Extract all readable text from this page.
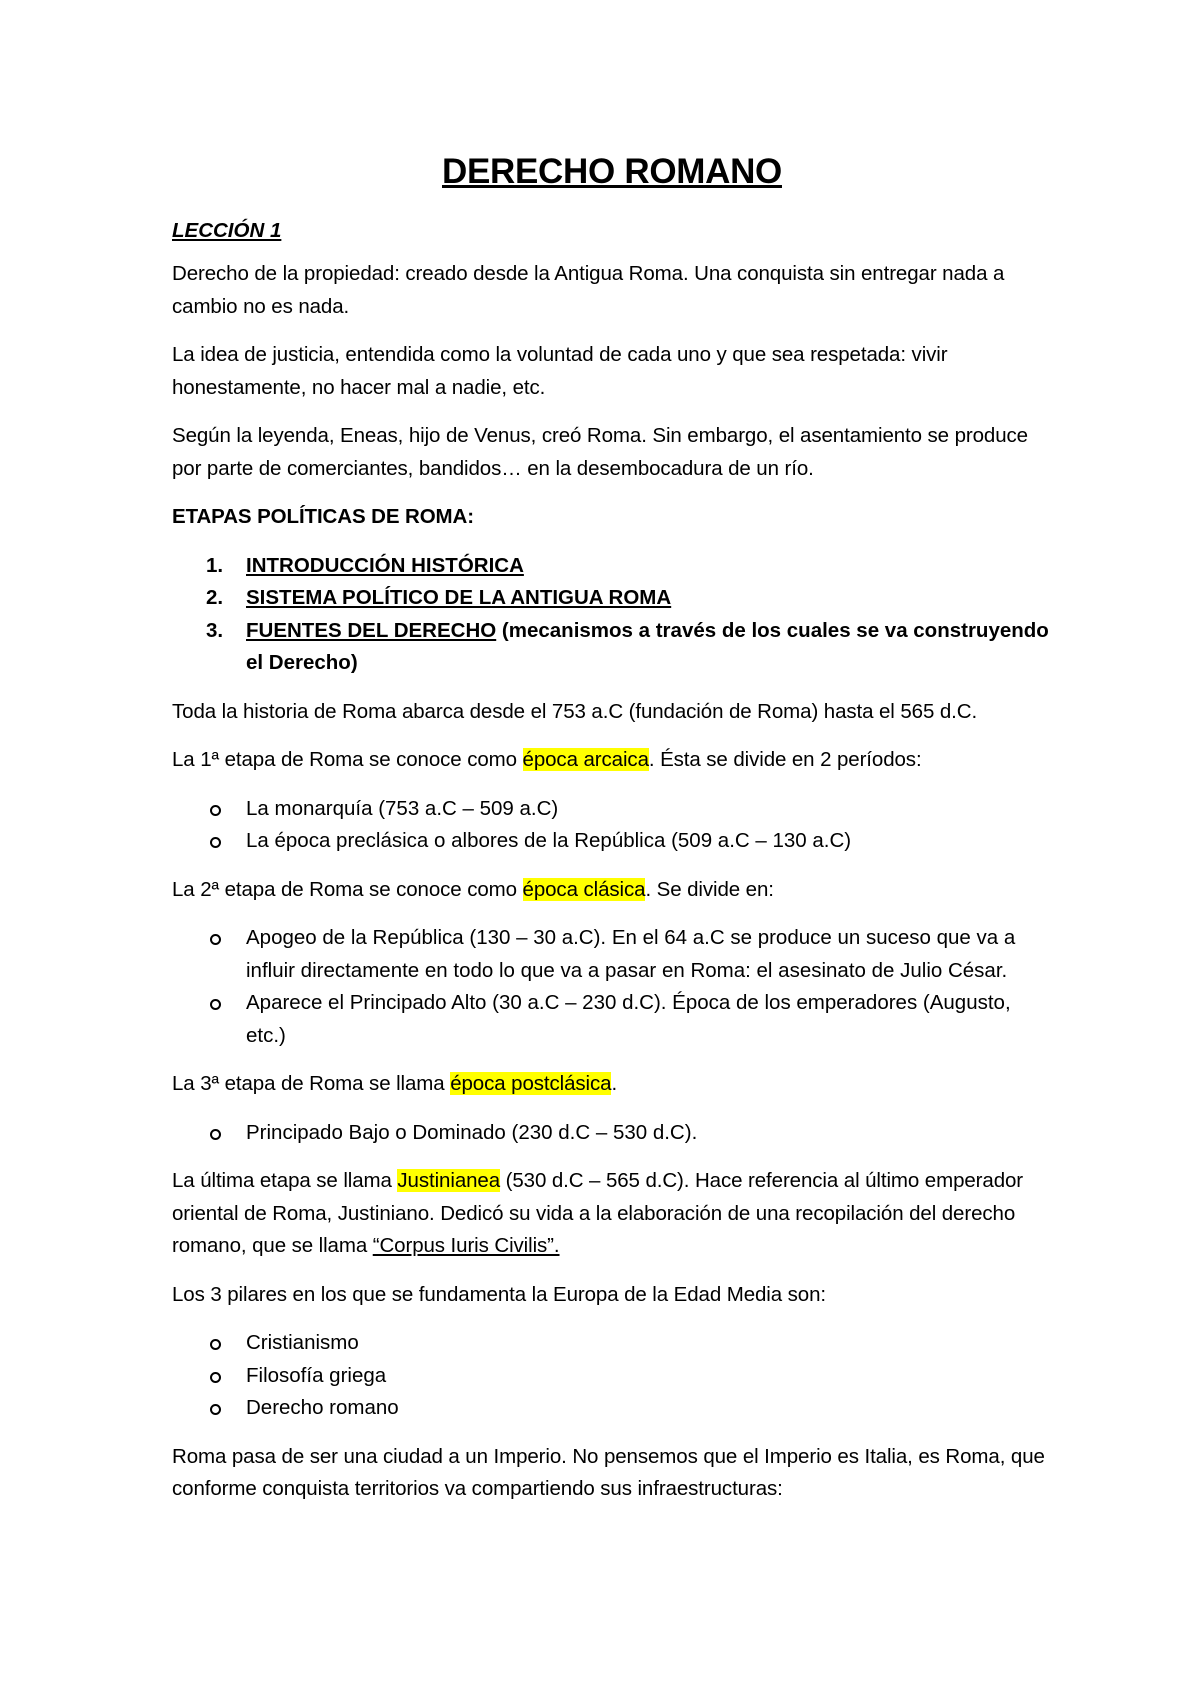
DERECHO ROMANO
LECCIÓN 1

Derecho de la propiedad: creado desde la Antigua Roma. Una conquista sin entregar nada a cambio no es nada.

La idea de justicia, entendida como la voluntad de cada uno y que sea respetada: vivir honestamente, no hacer mal a nadie, etc.

Según la leyenda, Eneas, hijo de Venus, creó Roma. Sin embargo, el asentamiento se produce por parte de comerciantes, bandidos… en la desembocadura de un río.

ETAPAS POLÍTICAS DE ROMA:

1. INTRODUCCIÓN HISTÓRICA
2. SISTEMA POLÍTICO DE LA ANTIGUA ROMA
3. FUENTES DEL DERECHO (mecanismos a través de los cuales se va construyendo el Derecho)

Toda la historia de Roma abarca desde el 753 a.C (fundación de Roma) hasta el 565 d.C.

La 1ª etapa de Roma se conoce como época arcaica. Ésta se divide en 2 períodos:

La monarquía (753 a.C – 509 a.C)
La época preclásica o albores de la República (509 a.C – 130 a.C)

La 2ª etapa de Roma se conoce como época clásica. Se divide en:

Apogeo de la República (130 – 30 a.C). En el 64 a.C se produce un suceso que va a influir directamente en todo lo que va a pasar en Roma: el asesinato de Julio César.
Aparece el Principado Alto (30 a.C – 230 d.C). Época de los emperadores (Augusto, etc.)

La 3ª etapa de Roma se llama época postclásica.

Principado Bajo o Dominado (230 d.C – 530 d.C).

La última etapa se llama Justinianea (530 d.C – 565 d.C). Hace referencia al último emperador oriental de Roma, Justiniano. Dedicó su vida a la elaboración de una recopilación del derecho romano, que se llama “Corpus Iuris Civilis”.

Los 3 pilares en los que se fundamenta la Europa de la Edad Media son:

Cristianismo
Filosofía griega
Derecho romano

Roma pasa de ser una ciudad a un Imperio. No pensemos que el Imperio es Italia, es Roma, que conforme conquista territorios va compartiendo sus infraestructuras:
